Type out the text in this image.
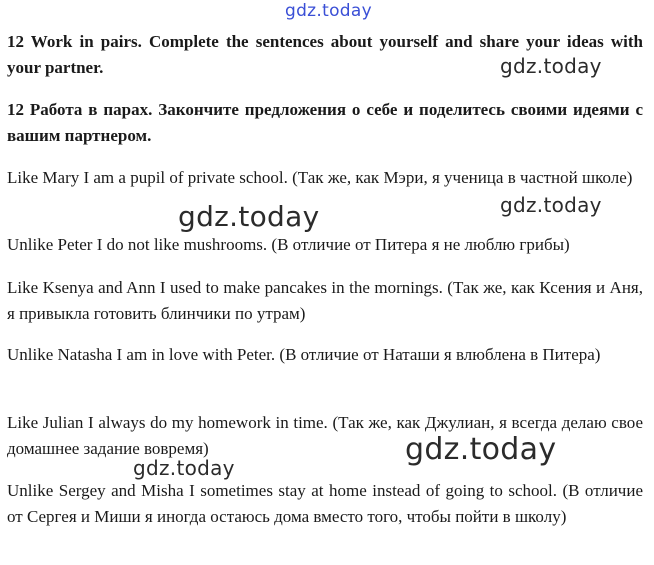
gdz.today

12 Work in pairs. Complete the sentences about yourself and share your ideas with your partner.

12 Работа в парах. Закончите предложения о себе и поделитесь своими идеями с вашим партнером.

Like Mary I am a pupil of private school. (Так же, как Мэри, я ученица в частной школе)

Unlike Peter I do not like mushrooms. (В отличие от Питера я не люблю грибы)

Like Ksenya and Ann I used to make pancakes in the mornings. (Так же, как Ксения и Аня, я привыкла готовить блинчики по утрам)

Unlike Natasha I am in love with Peter. (В отличие от Наташи я влюблена в Питера)

Like Julian I always do my homework in time. (Так же, как Джулиан, я всегда делаю свое домашнее задание вовремя)

Unlike Sergey and Misha I sometimes stay at home instead of going to school. (В отличие от Сергея и Миши я иногда остаюсь дома вместо того, чтобы пойти в школу)

gdz.today
gdz.today	gdz.today
gdz.today
gdz.today
